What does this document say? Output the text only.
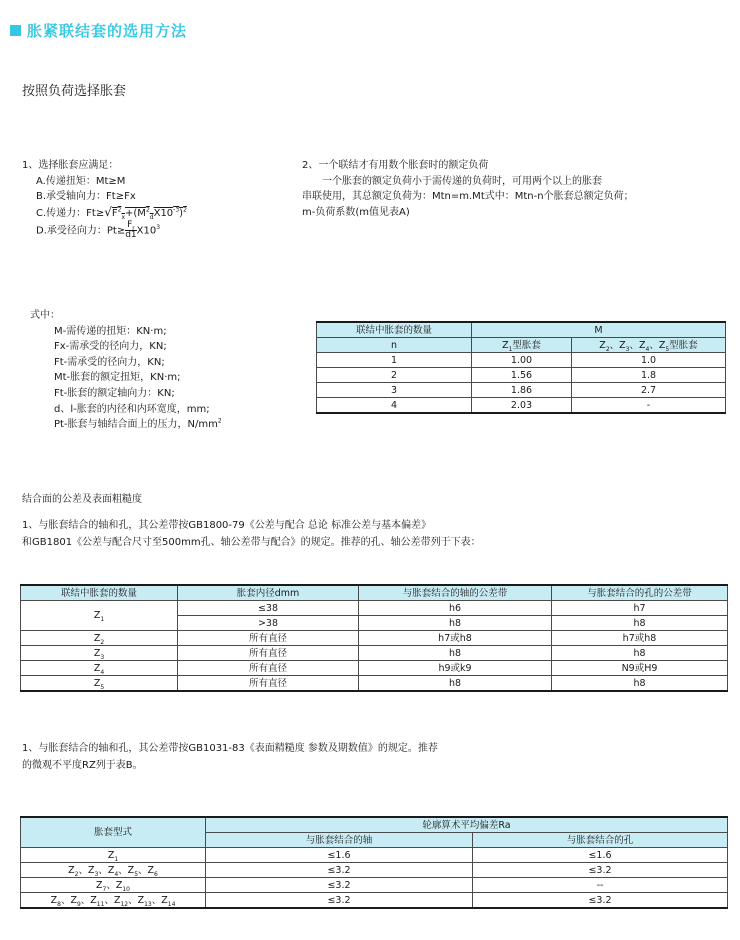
胀紧联结套的选用方法
按照负荷选择胀套
1、选择胀套应满足：
A.传递扭矩：Mt≥M
B.承受轴向力：Ft≥Fx
C.传递力：$Ft\ge√F^2_x+(M^2_dX10^{-3})^2$
D.承受径向力：$Pt\ge \frac{F_r}{d1} X10^3$
2、一个联结才有用数个胀套时的额定负荷
一个胀套的额定负荷小于需传递的负荷时，可用两个以上的胀套
串联使用，其总额定负荷为：Mtn=m.Mt式中：Mtn-n个胀套总额定负荷；
m-负荷系数(m值见表A)
式中：
M-需传递的扭矩：KN·m;
Fx-需承受的径向力，KN;
Ft-需承受的径向力，KN;
Mt-胀套的额定扭矩，KN·m;
Ft-胀套的额定轴向力：KN;
d、l-胀套的内径和内环宽度，mm;
Pt-胀套与轴结合面上的压力，$N/mm^2$
联结中胀套的数量	M	
n	$Z_1$型胀套	$Z_2$、$Z_3$、$Z_4$、$Z_5$型胀套
1	1.00	1.0
2	1.56	1.8
3	1.86	2.7
4	2.03	-
结合面的公差及表面粗糙度
1、与胀套结合的轴和孔，其公差带按GB1800-79《公差与配合 总论 标准公差与基本偏差》
和GB1801《公差与配合尺寸至500mm孔、轴公差带与配合》的规定。推荐的孔、轴公差带列于下表：
联结中胀套的数量	胀套内径dmm	与胀套结合的轴的公差带	与胀套结合的孔的公差带
$Z_1$	≤38	h6	h7
	>38	h8	h8
$Z_2$	所有直径	h7或h8	h7或h8
$Z_3$	所有直径	h8	h8
$Z_4$	所有直径	h9或k9	N9或H9
$Z_5$	所有直径	h8	h8
1、与胀套结合的轴和孔，其公差带按GB1031-83《表面精糙度 参数及期数值》的规定。推荐
的微观不平度RZ列于表B。
胀套型式	轮廓算术平均偏差Ra	
	与胀套结合的轴	与胀套结合的孔
$Z_1$	≤1.6	≤1.6
$Z_2$、$Z_3$、$Z_4$、$Z_5$、$Z_6$	≤3.2	≤3.2
$Z_7$、$Z_{10}$	≤3.2	--
$Z_8$、$Z_9$、$Z_{11}$、$Z_{12}$、$Z_{13}$、$Z_{14}$	≤3.2	≤3.2
